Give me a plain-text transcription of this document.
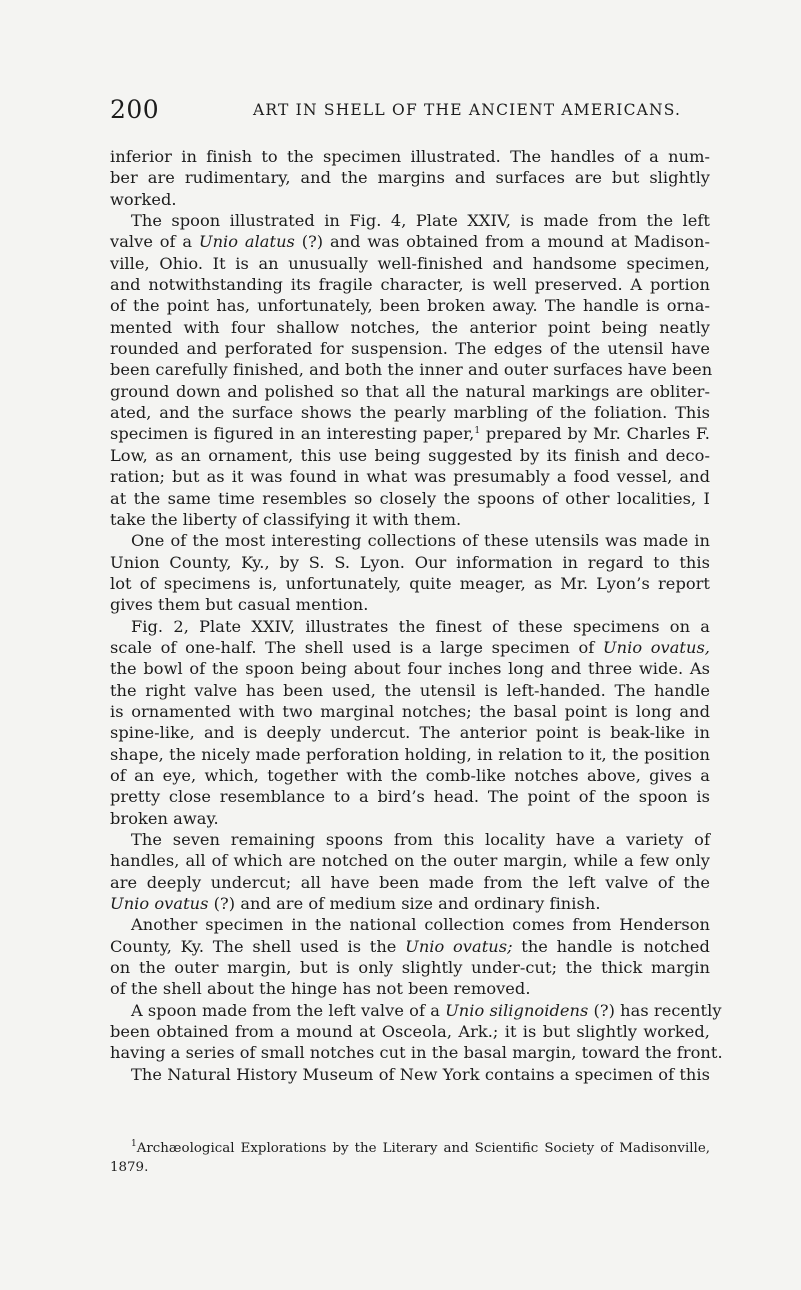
200	ART IN SHELL OF THE ANCIENT AMERICANS.
inferior in finish to the specimen illustrated. The handles of a num-
ber are rudimentary, and the margins and surfaces are but slightly
worked.
The spoon illustrated in Fig. 4, Plate XXIV, is made from the left
valve of a Unio alatus (?) and was obtained from a mound at Madison-
ville, Ohio. It is an unusually well-finished and handsome specimen,
and notwithstanding its fragile character, is well preserved. A portion
of the point has, unfortunately, been broken away. The handle is orna-
mented with four shallow notches, the anterior point being neatly
rounded and perforated for suspension. The edges of the utensil have
been carefully finished, and both the inner and outer surfaces have been
ground down and polished so that all the natural markings are obliter-
ated, and the surface shows the pearly marbling of the foliation. This
specimen is figured in an interesting paper,$^1$ prepared by Mr. Charles F.
Low, as an ornament, this use being suggested by its finish and deco-
ration; but as it was found in what was presumably a food vessel, and
at the same time resembles so closely the spoons of other localities, I
take the liberty of classifying it with them.
One of the most interesting collections of these utensils was made in
Union County, Ky., by S. S. Lyon. Our information in regard to this
lot of specimens is, unfortunately, quite meager, as Mr. Lyon’s report
gives them but casual mention.
Fig. 2, Plate XXIV, illustrates the finest of these specimens on a
scale of one-half. The shell used is a large specimen of Unio ovatus,
the bowl of the spoon being about four inches long and three wide. As
the right valve has been used, the utensil is left-handed. The handle
is ornamented with two marginal notches; the basal point is long and
spine-like, and is deeply undercut. The anterior point is beak-like in
shape, the nicely made perforation holding, in relation to it, the position
of an eye, which, together with the comb-like notches above, gives a
pretty close resemblance to a bird’s head. The point of the spoon is
broken away.
The seven remaining spoons from this locality have a variety of
handles, all of which are notched on the outer margin, while a few only
are deeply undercut; all have been made from the left valve of the
Unio ovatus (?) and are of medium size and ordinary finish.
Another specimen in the national collection comes from Henderson
County, Ky. The shell used is the Unio ovatus; the handle is notched
on the outer margin, but is only slightly under-cut; the thick margin
of the shell about the hinge has not been removed.
A spoon made from the left valve of a Unio silignoidens (?) has recently
been obtained from a mound at Osceola, Ark.; it is but slightly worked,
having a series of small notches cut in the basal margin, toward the front.
The Natural History Museum of New York contains a specimen of this
$^1$Archæological Explorations by the Literary and Scientific Society of Madisonville,
1879.
